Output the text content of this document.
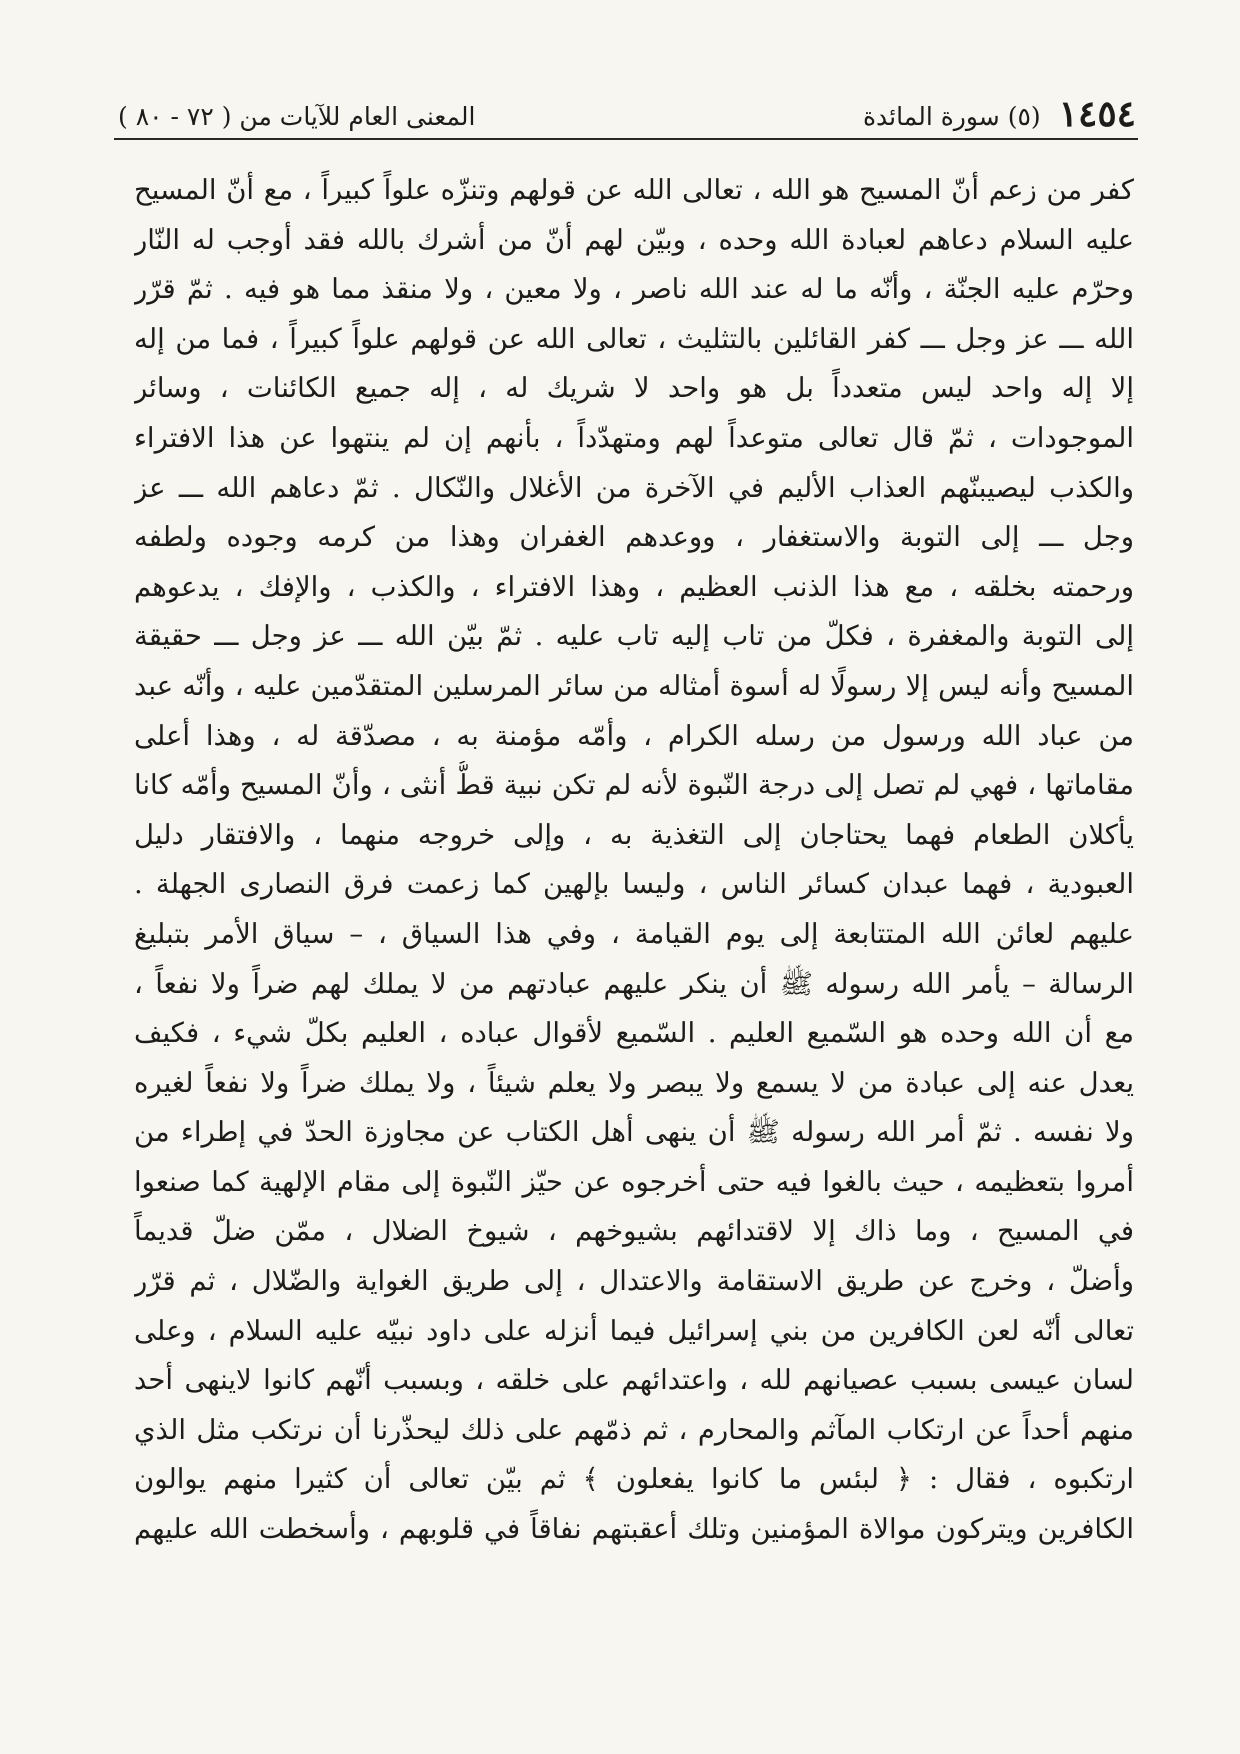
١٤٥٤
(٥) سورة المائدة
المعنى العام للآيات من ( ٧٢ - ٨٠ )
كفر من زعم أنّ المسيح هو الله ، تعالى الله عن قولهم وتنزّه علواً كبيراً ، مع أنّ المسيح
عليه السلام دعاهم لعبادة الله وحده ، وبيّن لهم أنّ من أشرك بالله فقد أوجب له النّار
وحرّم عليه الجنّة ، وأنّه ما له عند الله ناصر ، ولا معين ، ولا منقذ مما هو فيه . ثمّ قرّر
الله ـــ عز وجل ـــ كفر القائلين بالتثليث ، تعالى الله عن قولهم علواً كبيراً ، فما من إله
إلا إله واحد ليس متعدداً بل هو واحد لا شريك له ، إله جميع الكائنات ، وسائر
الموجودات ، ثمّ قال تعالى متوعداً لهم ومتهدّداً ، بأنهم إن لم ينتهوا عن هذا الافتراء
والكذب ليصيبنّهم العذاب الأليم في الآخرة من الأغلال والنّكال . ثمّ دعاهم الله ـــ عز
وجل ـــ إلى التوبة والاستغفار ، ووعدهم الغفران وهذا من كرمه وجوده ولطفه
ورحمته بخلقه ، مع هذا الذنب العظيم ، وهذا الافتراء ، والكذب ، والإفك ، يدعوهم
إلى التوبة والمغفرة ، فكلّ من تاب إليه تاب عليه . ثمّ بيّن الله ـــ عز وجل ـــ حقيقة
المسيح وأنه ليس إلا رسولًا له أسوة أمثاله من سائر المرسلين المتقدّمين عليه ، وأنّه عبد
من عباد الله ورسول من رسله الكرام ، وأمّه مؤمنة به ، مصدّقة له ، وهذا أعلى
مقاماتها ، فهي لم تصل إلى درجة النّبوة لأنه لم تكن نبية قطُّ أنثى ، وأنّ المسيح وأمّه كانا
يأكلان الطعام فهما يحتاجان إلى التغذية به ، وإلى خروجه منهما ، والافتقار دليل
العبودية ، فهما عبدان كسائر الناس ، وليسا بإلهين كما زعمت فرق النصارى الجهلة .
عليهم لعائن الله المتتابعة إلى يوم القيامة ، وفي هذا السياق ، – سياق الأمر بتبليغ
الرسالة – يأمر الله رسوله ﷺ أن ينكر عليهم عبادتهم من لا يملك لهم ضراً ولا نفعاً ،
مع أن الله وحده هو السّميع العليم . السّميع لأقوال عباده ، العليم بكلّ شيء ، فكيف
يعدل عنه إلى عبادة من لا يسمع ولا يبصر ولا يعلم شيئاً ، ولا يملك ضراً ولا نفعاً لغيره
ولا نفسه . ثمّ أمر الله رسوله ﷺ أن ينهى أهل الكتاب عن مجاوزة الحدّ في إطراء من
أمروا بتعظيمه ، حيث بالغوا فيه حتى أخرجوه عن حيّز النّبوة إلى مقام الإلهية كما صنعوا
في المسيح ، وما ذاك إلا لاقتدائهم بشيوخهم ، شيوخ الضلال ، ممّن ضلّ قديماً
وأضلّ ، وخرج عن طريق الاستقامة والاعتدال ، إلى طريق الغواية والضّلال ، ثم قرّر
تعالى أنّه لعن الكافرين من بني إسرائيل فيما أنزله على داود نبيّه عليه السلام ، وعلى
لسان عيسى بسبب عصيانهم لله ، واعتدائهم على خلقه ، وبسبب أنّهم كانوا لاينهى أحد
منهم أحداً عن ارتكاب المآثم والمحارم ، ثم ذمّهم على ذلك ليحذّرنا أن نرتكب مثل الذي
ارتكبوه ، فقال : ﴿ لبئس ما كانوا يفعلون ﴾ ثم بيّن تعالى أن كثيرا منهم يوالون
الكافرين ويتركون موالاة المؤمنين وتلك أعقبتهم نفاقاً في قلوبهم ، وأسخطت الله عليهم
